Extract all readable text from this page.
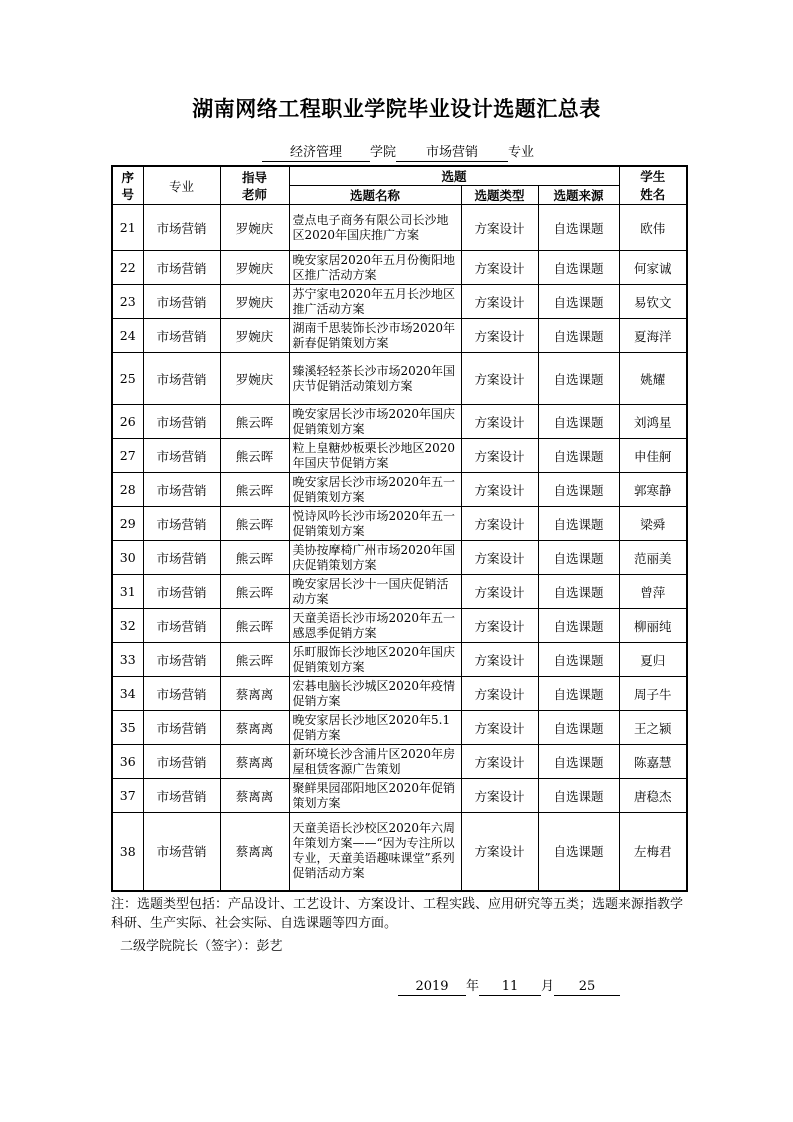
湖南网络工程职业学院毕业设计选题汇总表
经济管理 学院 市场营销 专业
序号	专业	指导老师	选题			学生姓名
			选题名称	选题类型	选题来源	
21	市场营销	罗婉庆	壹点电子商务有限公司长沙地区2020年国庆推广方案	方案设计	自选课题	欧伟
22	市场营销	罗婉庆	晚安家居2020年五月份衡阳地区推广活动方案	方案设计	自选课题	何家诚
23	市场营销	罗婉庆	苏宁家电2020年五月长沙地区推广活动方案	方案设计	自选课题	易钦文
24	市场营销	罗婉庆	湖南千思装饰长沙市场2020年新春促销策划方案	方案设计	自选课题	夏海洋
25	市场营销	罗婉庆	臻溪轻轻茶长沙市场2020年国庆节促销活动策划方案	方案设计	自选课题	姚耀
26	市场营销	熊云晖	晚安家居长沙市场2020年国庆促销策划方案	方案设计	自选课题	刘鸿星
27	市场营销	熊云晖	粒上皇糖炒板栗长沙地区2020年国庆节促销方案	方案设计	自选课题	申佳舸
28	市场营销	熊云晖	晚安家居长沙市场2020年五一促销策划方案	方案设计	自选课题	郭寒静
29	市场营销	熊云晖	悦诗风吟长沙市场2020年五一促销策划方案	方案设计	自选课题	梁舜
30	市场营销	熊云晖	美协按摩椅广州市场2020年国庆促销策划方案	方案设计	自选课题	范丽美
31	市场营销	熊云晖	晚安家居长沙十一国庆促销活动方案	方案设计	自选课题	曾萍
32	市场营销	熊云晖	天童美语长沙市场2020年五一感恩季促销方案	方案设计	自选课题	柳丽纯
33	市场营销	熊云晖	乐町服饰长沙地区2020年国庆促销策划方案	方案设计	自选课题	夏归
34	市场营销	蔡离离	宏碁电脑长沙城区2020年疫情促销方案	方案设计	自选课题	周子牛
35	市场营销	蔡离离	晚安家居长沙地区2020年5.1促销方案	方案设计	自选课题	王之颍
36	市场营销	蔡离离	新环境长沙含浦片区2020年房屋租赁客源广告策划	方案设计	自选课题	陈嘉慧
37	市场营销	蔡离离	聚鲜果园邵阳地区2020年促销策划方案	方案设计	自选课题	唐稳杰
38	市场营销	蔡离离	天童美语长沙校区2020年六周年策划方案——“因为专注所以专业，天童美语趣味课堂”系列促销活动方案	方案设计	自选课题	左梅君
注：选题类型包括：产品设计、工艺设计、方案设计、工程实践、应用研究等五类；选题来源指教学科研、生产实际、社会实际、自选课题等四方面。
二级学院院长（签字）：彭艺
2019 年 11 月 25
